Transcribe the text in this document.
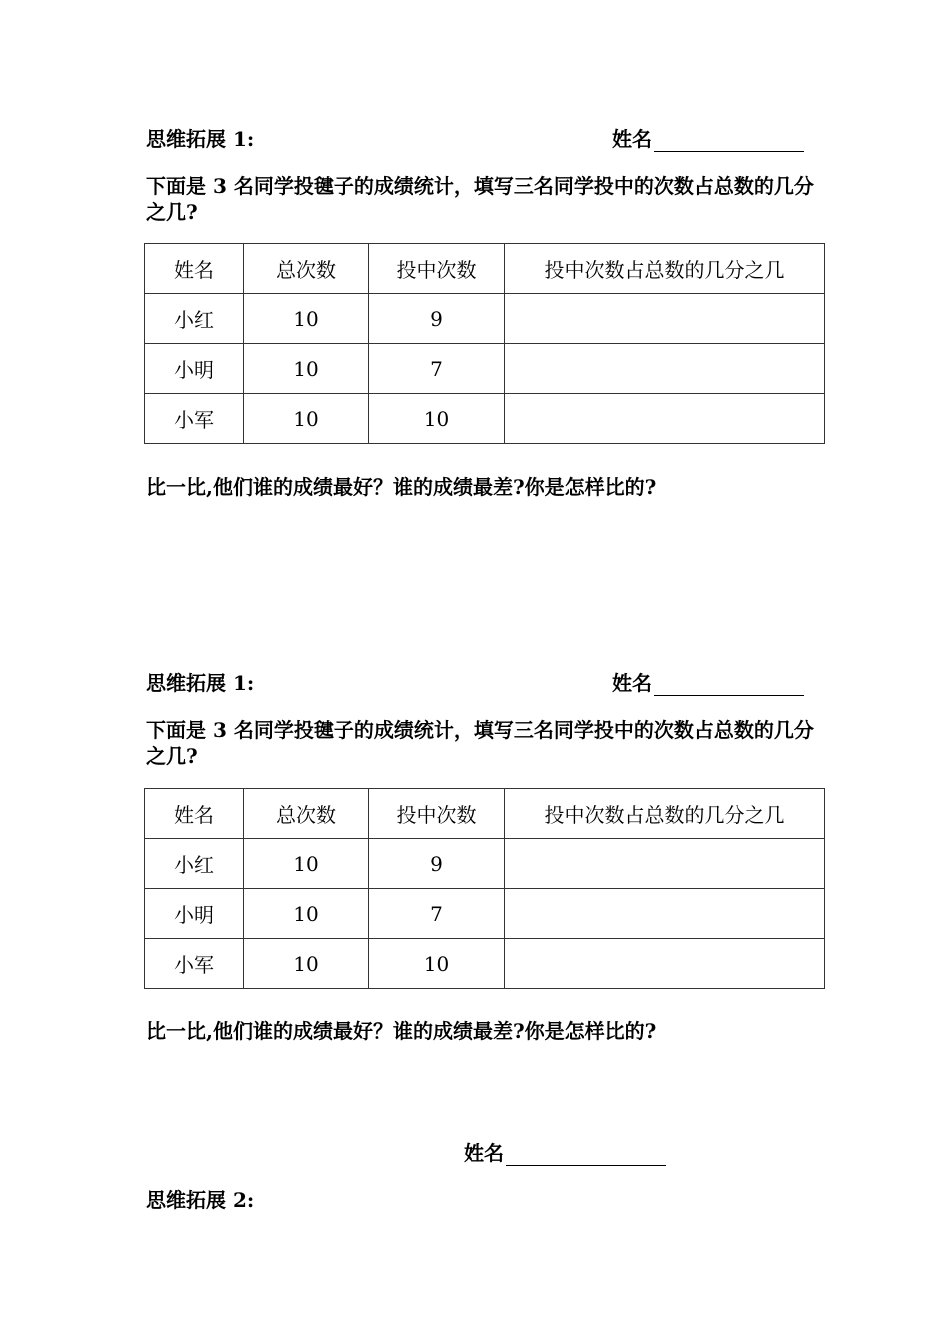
思维拓展 1:	姓名
下面是 3 名同学投毽子的成绩统计，填写三名同学投中的次数占总数的几分之几?
姓名	总次数	投中次数	投中次数占总数的几分之几
小红	10	9	
小明	10	7	
小军	10	10	
比一比,他们谁的成绩最好？谁的成绩最差?你是怎样比的?
思维拓展 1:	姓名
下面是 3 名同学投毽子的成绩统计，填写三名同学投中的次数占总数的几分之几?
姓名	总次数	投中次数	投中次数占总数的几分之几
小红	10	9	
小明	10	7	
小军	10	10	
比一比,他们谁的成绩最好？谁的成绩最差?你是怎样比的?
姓名
思维拓展 2:
